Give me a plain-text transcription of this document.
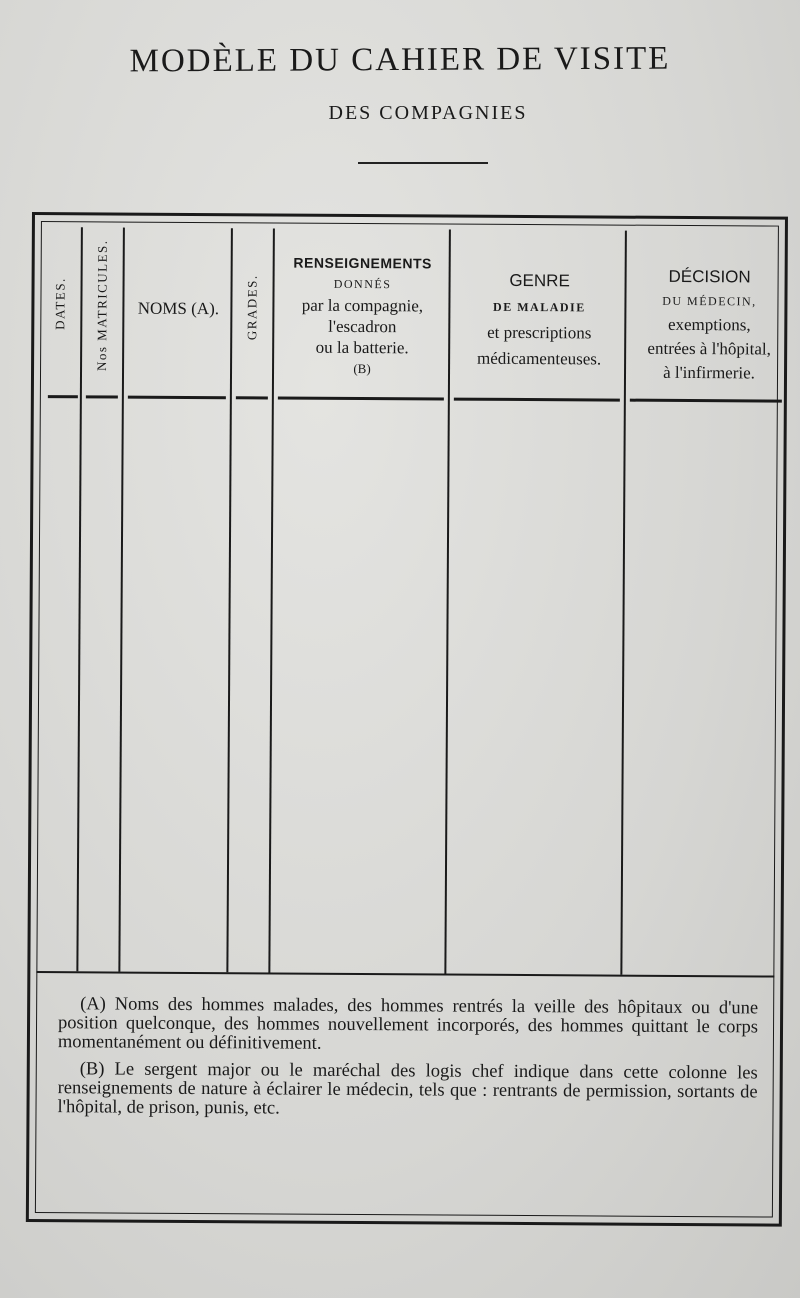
MODÈLE DU CAHIER DE VISITE
DES COMPAGNIES
DATES. Nos MATRICULES.	NOMS (A).	GRADES.
RENSEIGNEMENTS
DONNÉS
par la compagnie,
l'escadron
ou la batterie.
(B)
GENRE
DE MALADIE
et prescriptions
médicamenteuses.
DÉCISION
DU MÉDECIN,
exemptions,
entrées à l'hôpital,
à l'infirmerie.

(A) Noms des hommes malades, des hommes rentrés la veille des hôpitaux ou d'une position quelconque, des hommes nouvellement incorporés, des hommes quittant le corps momentanément ou définitivement.

(B) Le sergent major ou le maréchal des logis chef indique dans cette colonne les renseignements de nature à éclairer le médecin, tels que : rentrants de permission, sortants de l'hôpital, de prison, punis, etc.
